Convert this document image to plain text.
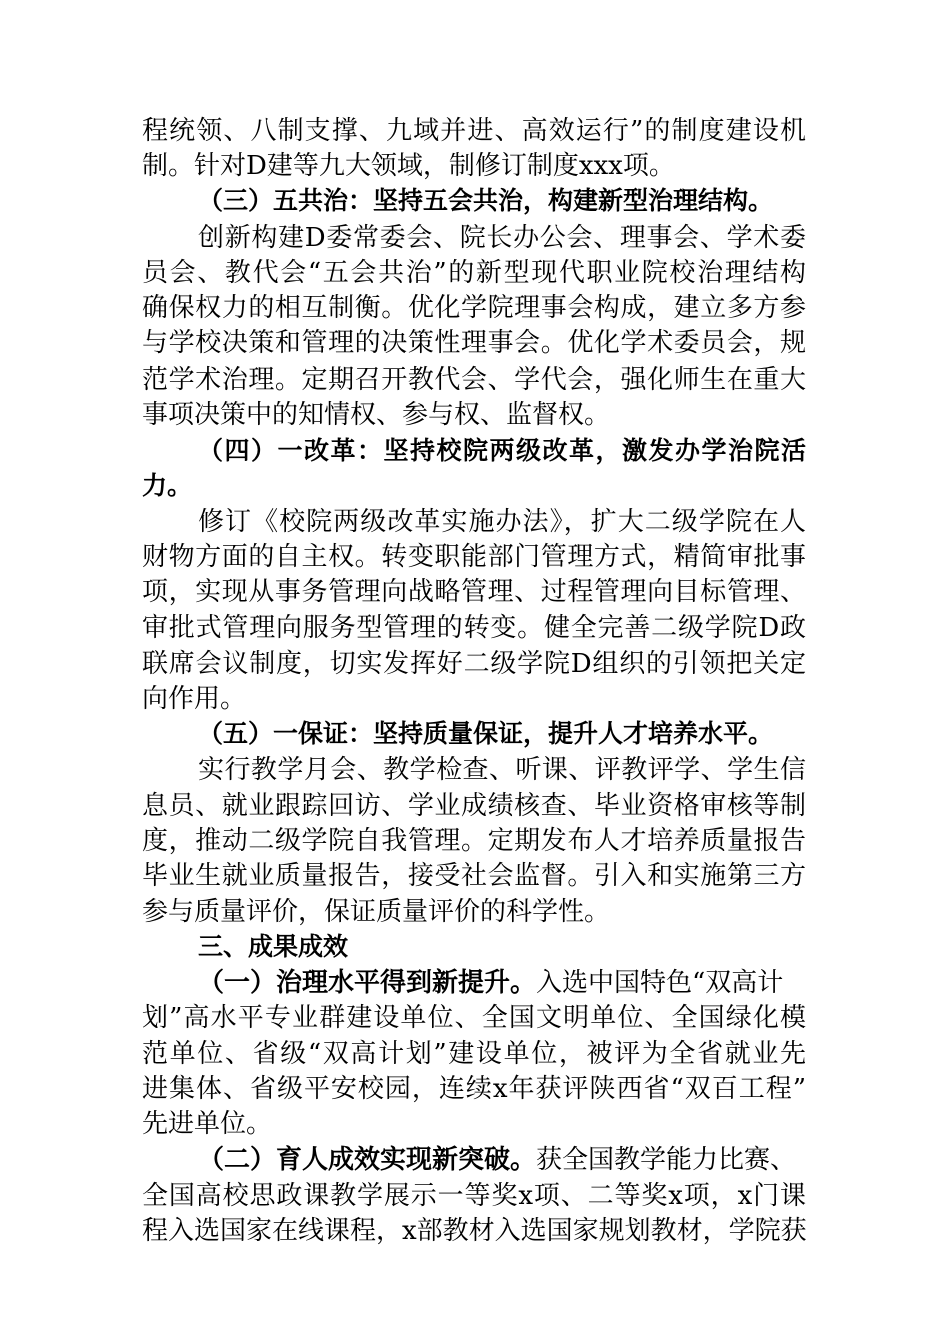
程统领、八制支撑、九域并进、高效运行”的制度建设机
制。针对D建等九大领域，制修订制度xxx项。
（三）五共治：坚持五会共治，构建新型治理结构。
创新构建D委常委会、院长办公会、理事会、学术委
员会、教代会“五会共治”的新型现代职业院校治理结构
确保权力的相互制衡。优化学院理事会构成，建立多方参
与学校决策和管理的决策性理事会。优化学术委员会，规
范学术治理。定期召开教代会、学代会，强化师生在重大
事项决策中的知情权、参与权、监督权。
（四）一改革：坚持校院两级改革，激发办学治院活
力。
修订《校院两级改革实施办法》，扩大二级学院在人
财物方面的自主权。转变职能部门管理方式，精简审批事
项，实现从事务管理向战略管理、过程管理向目标管理、
审批式管理向服务型管理的转变。健全完善二级学院D政
联席会议制度，切实发挥好二级学院D组织的引领把关定
向作用。
（五）一保证：坚持质量保证，提升人才培养水平。
实行教学月会、教学检查、听课、评教评学、学生信
息员、就业跟踪回访、学业成绩核查、毕业资格审核等制
度，推动二级学院自我管理。定期发布人才培养质量报告
毕业生就业质量报告，接受社会监督。引入和实施第三方
参与质量评价，保证质量评价的科学性。
三、成果成效
（一）治理水平得到新提升。入选中国特色“双高计
划”高水平专业群建设单位、全国文明单位、全国绿化模
范单位、省级“双高计划”建设单位，被评为全省就业先
进集体、省级平安校园，连续x年获评陕西省“双百工程”
先进单位。
（二）育人成效实现新突破。获全国教学能力比赛、
全国高校思政课教学展示一等奖x项、二等奖x项，x门课
程入选国家在线课程，x部教材入选国家规划教材，学院获
